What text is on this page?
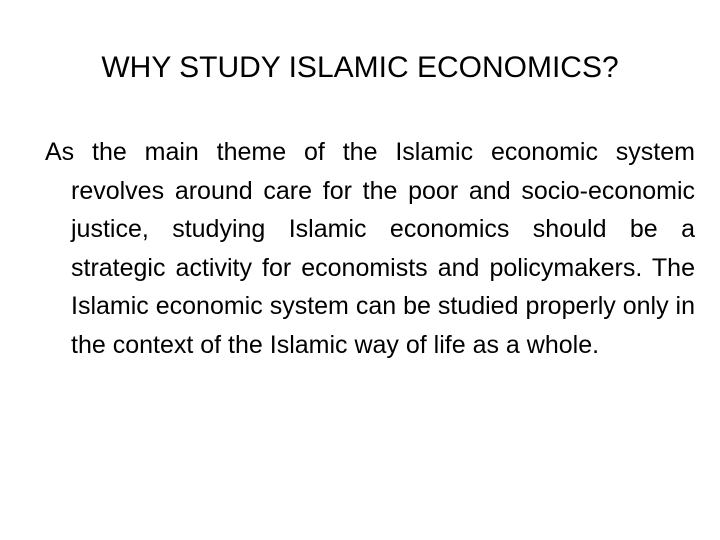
WHY STUDY ISLAMIC ECONOMICS?

As the main theme of the Islamic economic system revolves around care for the poor and socio-economic justice, studying Islamic economics should be a strategic activity for economists and policymakers. The Islamic economic system can be studied properly only in the context of the Islamic way of life as a whole.
